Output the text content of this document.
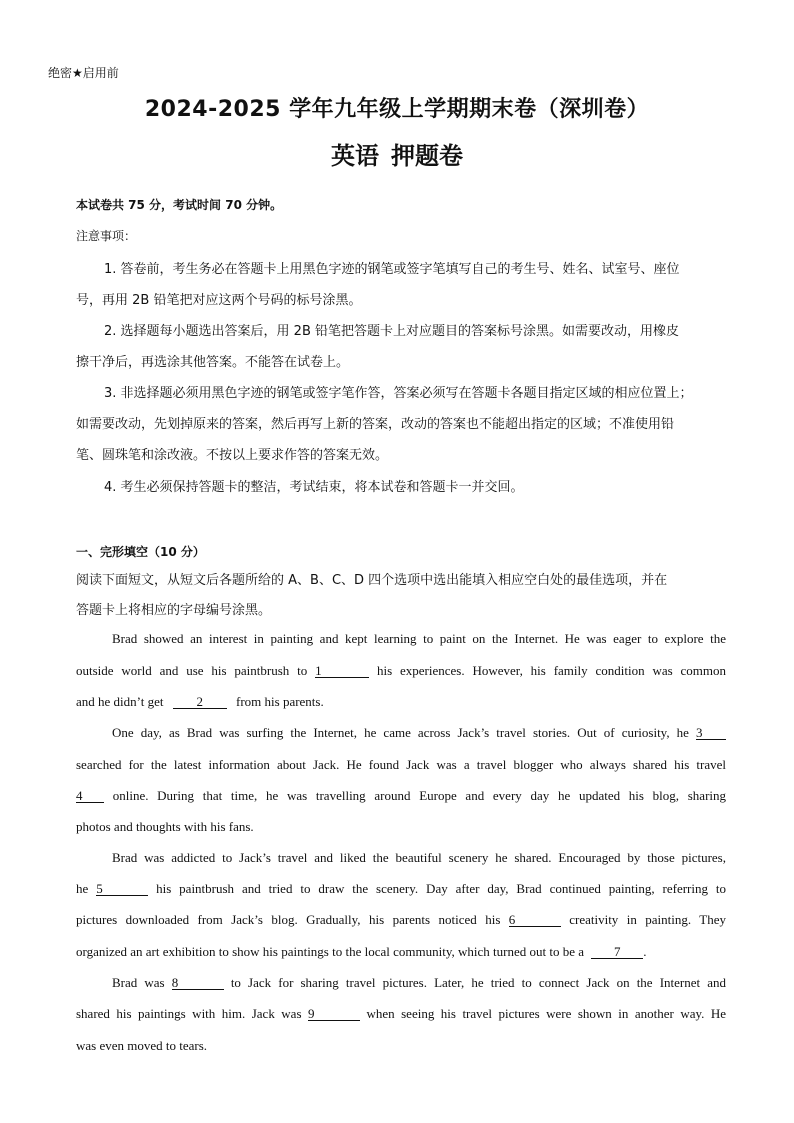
绝密★启用前
2024-2025 学年九年级上学期期末卷（深圳卷）
英语 押题卷
本试卷共 75 分，考试时间 70 分钟。
注意事项：
1. 答卷前，考生务必在答题卡上用黑色字迹的钢笔或签字笔填写自己的考生号、姓名、试室号、座位
号，再用 2B 铅笔把对应这两个号码的标号涂黑。
2. 选择题每小题选出答案后，用 2B 铅笔把答题卡上对应题目的答案标号涂黑。如需要改动，用橡皮
擦干净后，再选涂其他答案。不能答在试卷上。
3. 非选择题必须用黑色字迹的钢笔或签字笔作答，答案必须写在答题卡各题目指定区域的相应位置上；
如需要改动，先划掉原来的答案，然后再写上新的答案，改动的答案也不能超出指定的区域；不准使用铅
笔、圆珠笔和涂改液。不按以上要求作答的答案无效。
4. 考生必须保持答题卡的整洁，考试结束，将本试卷和答题卡一并交回。
一、完形填空（10 分）
阅读下面短文，从短文后各题所给的 A、B、C、D 四个选项中选出能填入相应空白处的最佳选项，并在
答题卡上将相应的字母编号涂黑。
Brad showed an interest in painting and kept learning to paint on the Internet. He was eager to explore the
outside world and use his paintbrush to 1	his experiences. However, his family condition was common
and he didn’t get	2	from his parents.
One day, as Brad was surfing the Internet, he came across Jack’s travel stories. Out of curiosity, he 3
searched for the latest information about Jack. He found Jack was a travel blogger who always shared his travel
4 online. During that time, he was travelling around Europe and every day he updated his blog, sharing
photos and thoughts with his fans.
Brad was addicted to Jack’s travel and liked the beautiful scenery he shared. Encouraged by those pictures,
he 5	his paintbrush and tried to draw the scenery. Day after day, Brad continued painting, referring to
pictures downloaded from Jack’s blog. Gradually, his parents noticed his 6	creativity in painting. They
organized an art exhibition to show his paintings to the local community, which turned out to be a 7 .
Brad was 8	to Jack for sharing travel pictures. Later, he tried to connect Jack on the Internet and
shared his paintings with him. Jack was 9	when seeing his travel pictures were shown in another way. He
was even moved to tears.
